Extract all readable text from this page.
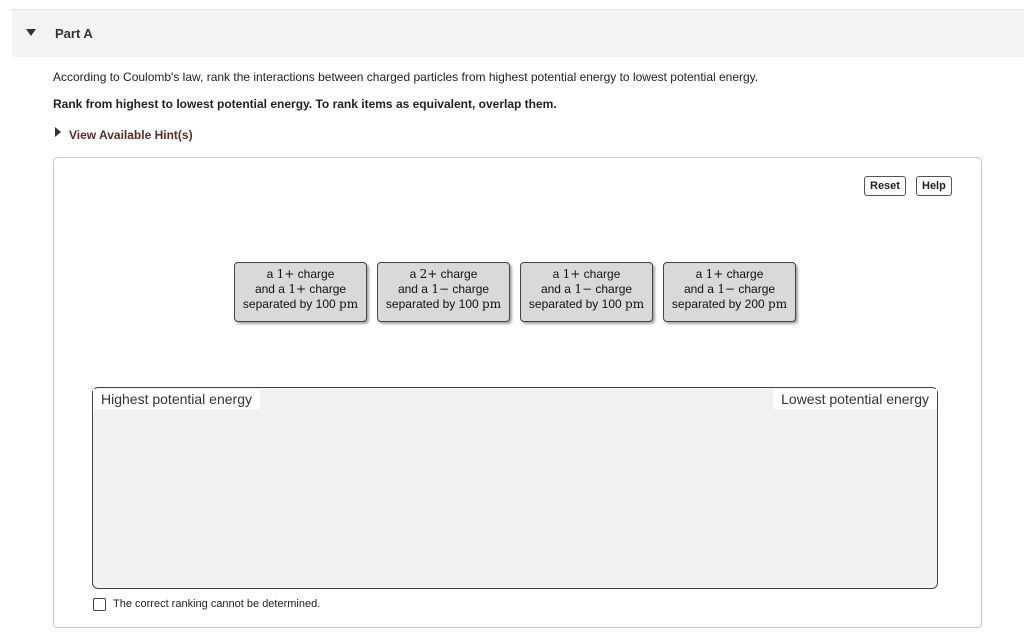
Part A
According to Coulomb's law, rank the interactions between charged particles from highest potential energy to lowest potential energy.
Rank from highest to lowest potential energy. To rank items as equivalent, overlap them.
View Available Hint(s)
Reset	Help
a 1+ charge
and a 1+ charge
separated by 100 pm
a 2+ charge
and a 1− charge
separated by 100 pm
a 1+ charge
and a 1− charge
separated by 100 pm
a 1+ charge
and a 1− charge
separated by 200 pm
Highest potential energy	Lowest potential energy
The correct ranking cannot be determined.
